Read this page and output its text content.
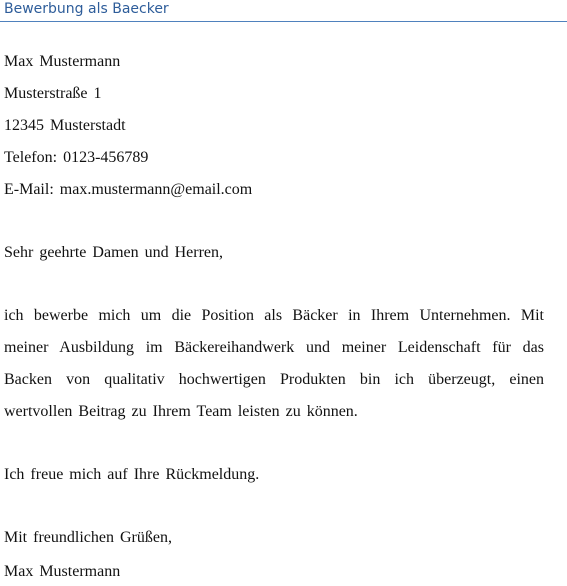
Bewerbung als Baecker
Max Mustermann
Musterstraße 1
12345 Musterstadt
Telefon: 0123-456789
E-Mail: max.mustermann@email.com
Sehr geehrte Damen und Herren,
ich bewerbe mich um die Position als Bäcker in Ihrem Unternehmen. Mit meiner Ausbildung im Bäckereihandwerk und meiner Leidenschaft für das Backen von qualitativ hochwertigen Produkten bin ich überzeugt, einen wertvollen Beitrag zu Ihrem Team leisten zu können.
Ich freue mich auf Ihre Rückmeldung.
Mit freundlichen Grüßen,
Max Mustermann
